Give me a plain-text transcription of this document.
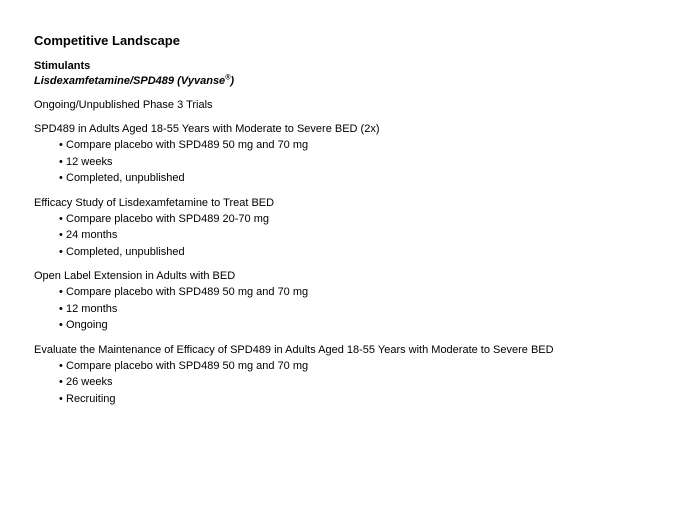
Competitive Landscape
Stimulants
Lisdexamfetamine/SPD489 (Vyvanse®)
Ongoing/Unpublished Phase 3 Trials
SPD489 in Adults Aged 18-55 Years with Moderate to Severe BED (2x)
• Compare placebo with SPD489 50 mg and 70 mg
• 12 weeks
• Completed, unpublished
Efficacy Study of Lisdexamfetamine to Treat BED
• Compare placebo with SPD489 20-70 mg
• 24 months
• Completed, unpublished
Open Label Extension in Adults with BED
• Compare placebo with SPD489 50 mg and 70 mg
• 12 months
• Ongoing
Evaluate the Maintenance of Efficacy of SPD489 in Adults Aged 18-55 Years with Moderate to Severe BED
• Compare placebo with SPD489 50 mg and 70 mg
• 26 weeks
• Recruiting
